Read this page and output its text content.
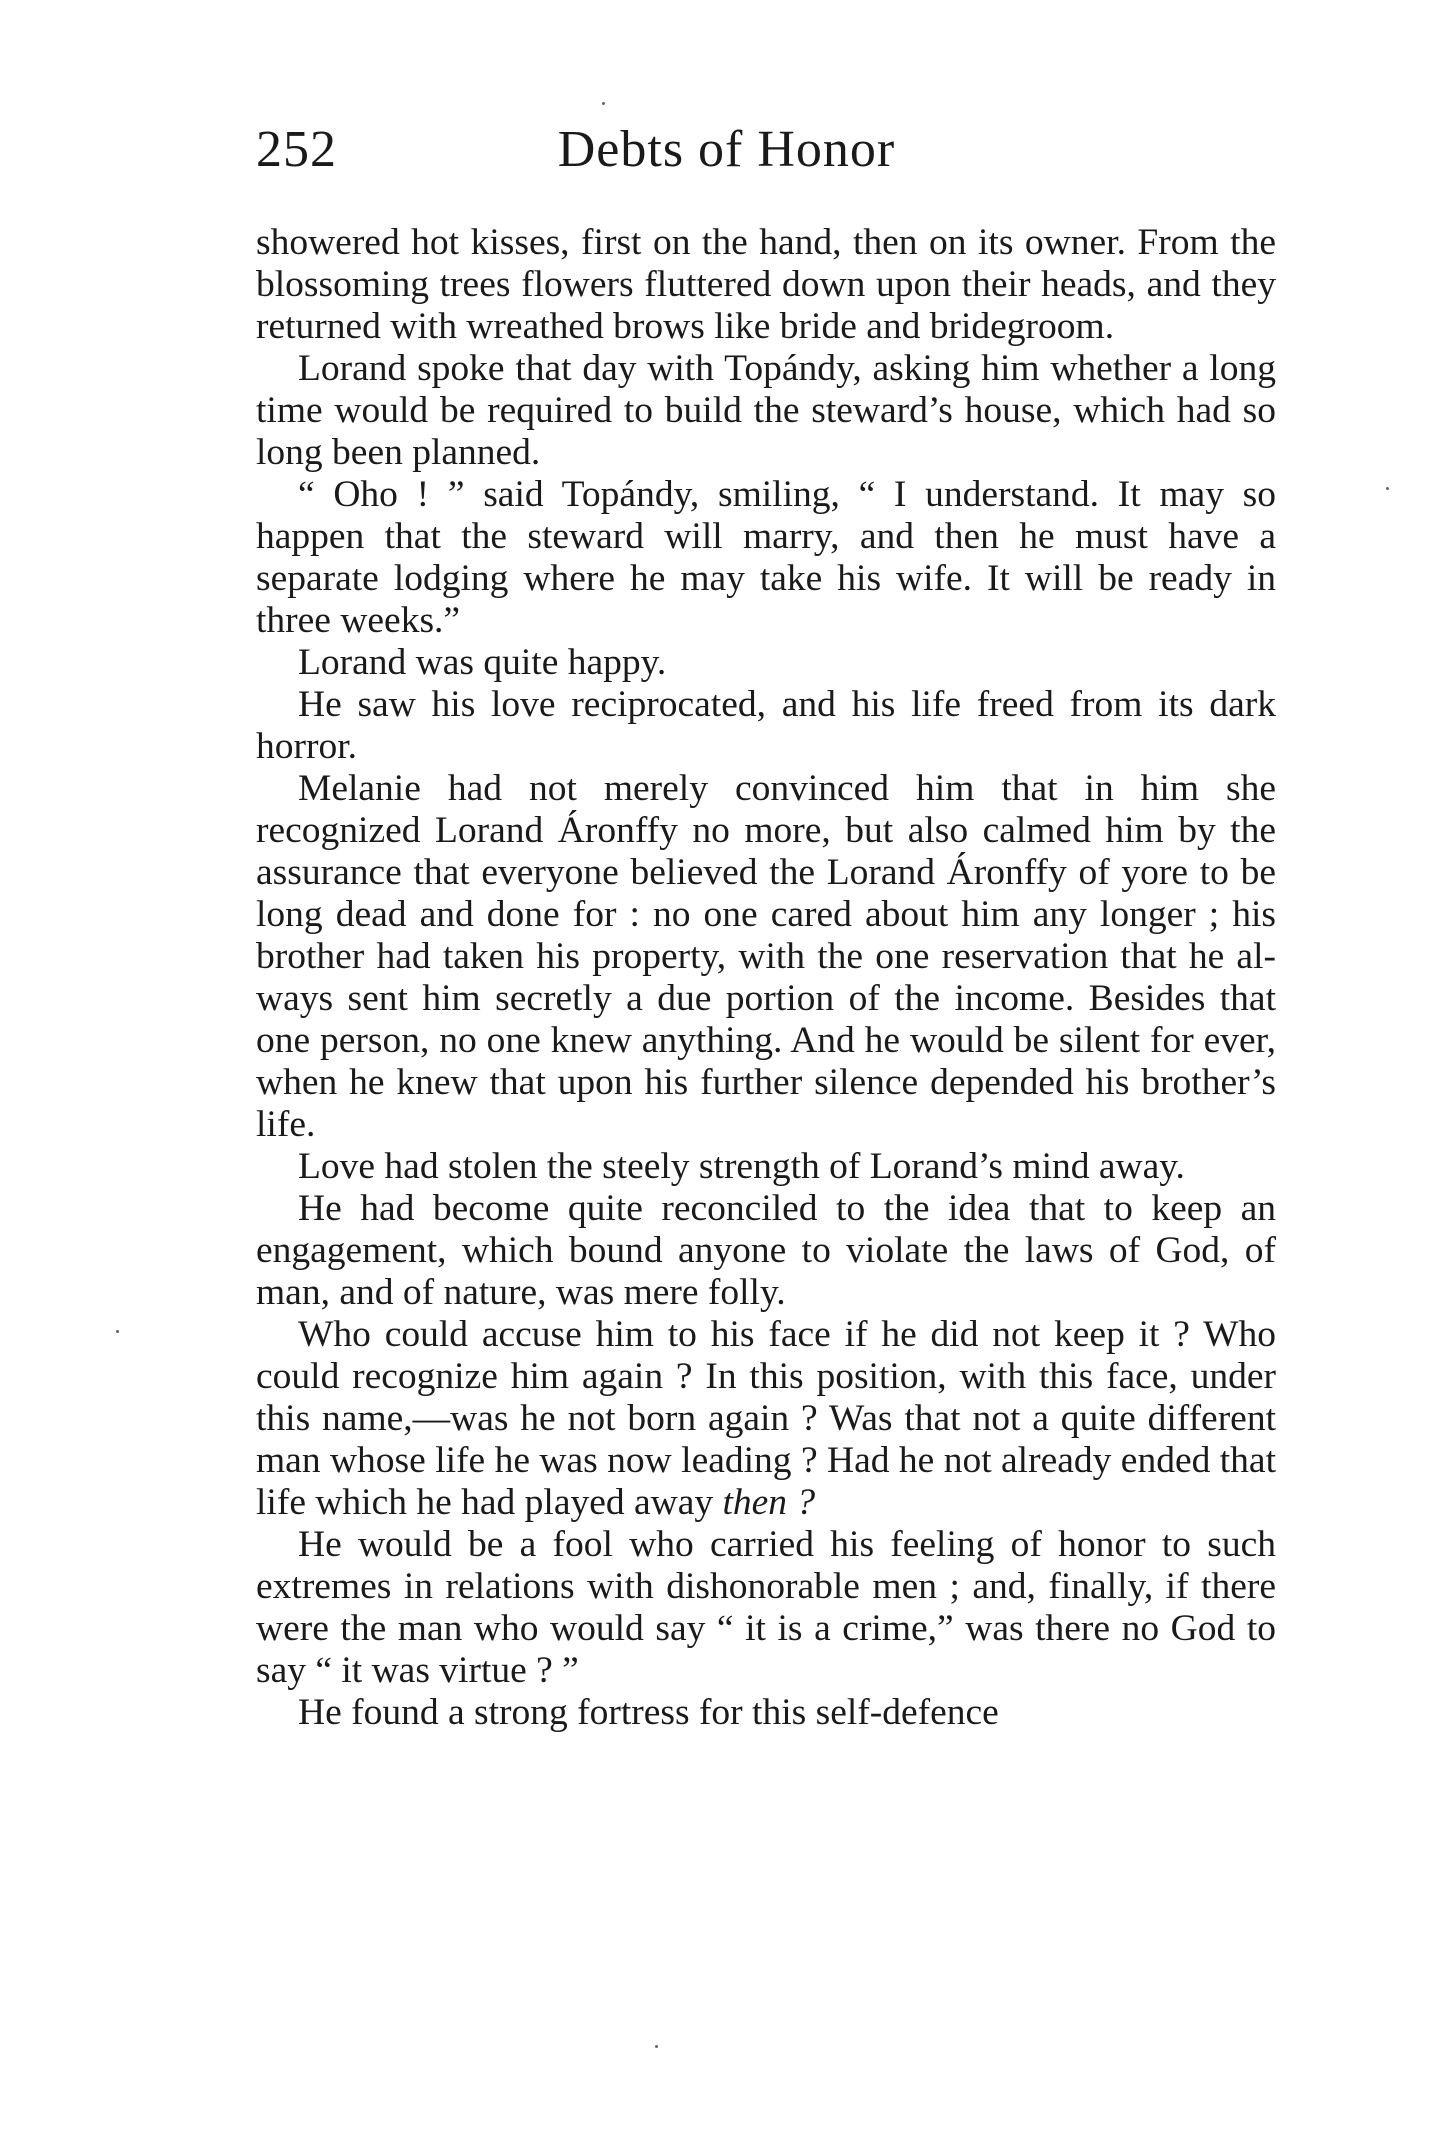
252	Debts of Honor

showered hot kisses, first on the hand, then on its owner. From the blossoming trees flowers fluttered down upon their heads, and they returned with wreathed brows like bride and bridegroom.

Lorand spoke that day with Topándy, asking him whether a long time would be required to build the steward’s house, which had so long been planned.

“ Oho ! ” said Topándy, smiling, “ I understand. It may so happen that the steward will marry, and then he must have a separate lodging where he may take his wife. It will be ready in three weeks.”

Lorand was quite happy.

He saw his love reciprocated, and his life freed from its dark horror.

Melanie had not merely convinced him that in him she recognized Lorand Áronffy no more, but also calmed him by the assurance that everyone believed the Lorand Áronffy of yore to be long dead and done for : no one cared about him any longer ; his brother had taken his property, with the one reservation that he always sent him secretly a due portion of the income. Besides that one person, no one knew anything. And he would be silent for ever, when he knew that upon his further silence depended his brother’s life.

Love had stolen the steely strength of Lorand’s mind away.

He had become quite reconciled to the idea that to keep an engagement, which bound anyone to violate the laws of God, of man, and of nature, was mere folly.

Who could accuse him to his face if he did not keep it ? Who could recognize him again ? In this position, with this face, under this name,—was he not born again ? Was that not a quite different man whose life he was now leading ? Had he not already ended that life which he had played away then ?

He would be a fool who carried his feeling of honor to such extremes in relations with dishonorable men ; and, finally, if there were the man who would say “ it is a crime,” was there no God to say “ it was virtue ? ”

He found a strong fortress for this self-defence
